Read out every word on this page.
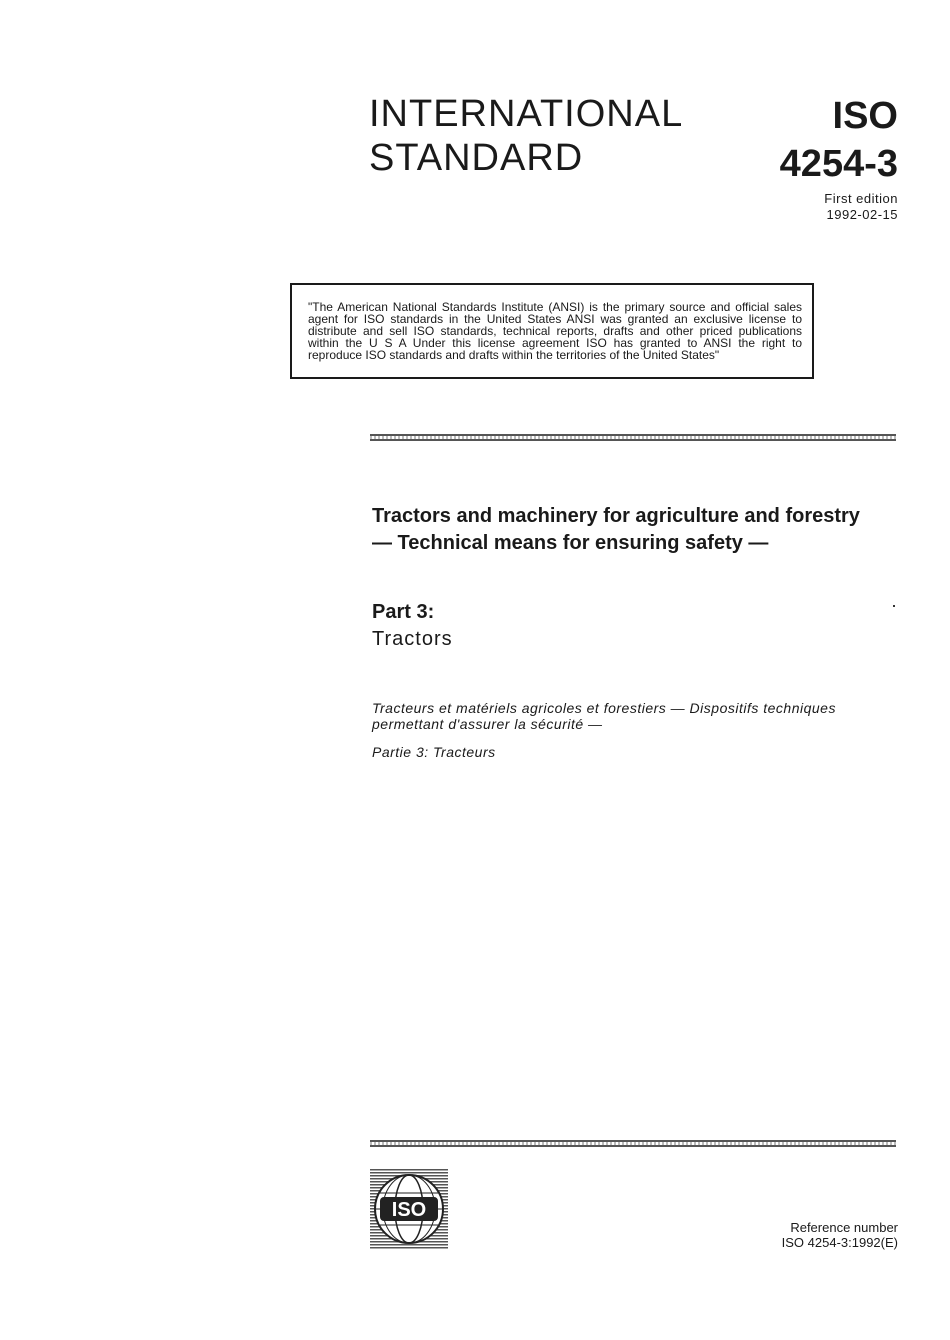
INTERNATIONAL
STANDARD
ISO
4254-3
First edition
1992-02-15
"The American National Standards Institute (ANSI) is the primary source and official sales agent for ISO standards in the United States ANSI was granted an exclusive license to distribute and sell ISO standards, technical reports, drafts and other priced publications within the U S A Under this license agreement ISO has granted to ANSI the right to reproduce ISO standards and drafts within the territories of the United States"
Tractors and machinery for agriculture and forestry — Technical means for ensuring safety —
Part 3:
Tractors
Tracteurs et matériels agricoles et forestiers — Dispositifs techniques permettant d'assurer la sécurité —
Partie 3: Tracteurs
ISO
Reference number
ISO 4254-3:1992(E)
